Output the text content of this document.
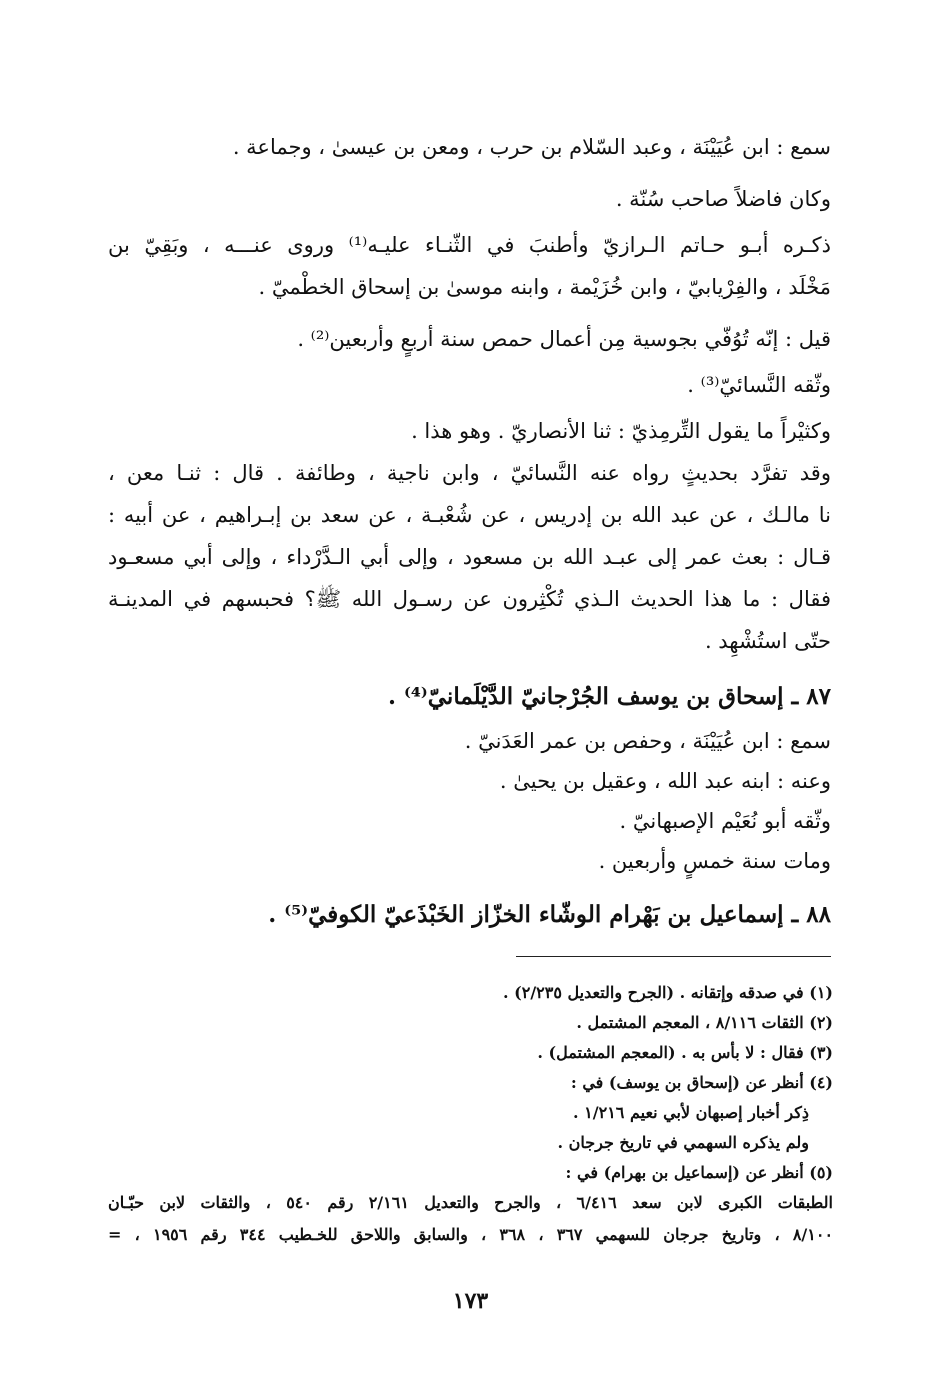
سمع : ابن عُيَيْنَة ، وعبد السّلام بن حرب ، ومعن بن عيسىٰ ، وجماعة .
وكان فاضلاً صاحب سُنّة .
ذكـره أبـو حـاتم الـرازيّ وأطنبَ في الثّنـاء عليـه⁽¹⁾ وروى عنـــه ، وبَقِيّ بن
مَخْلَد ، والفِرْيابيّ ، وابن خُزَيْمة ، وابنه موسىٰ بن إسحاق الخطْميّ .
قيل : إنّه تُوُفّي بجوسية مِن أعمال حمص سنة أربعٍ وأربعين⁽²⁾ .
وثّقه النَّسائيّ⁽³⁾ .
وكثيْراً ما يقول التِّرمِذيّ : ثنا الأنصاريّ . وهو هذا .
وقد تفرَّد بحديثٍ رواه عنه النَّسائيّ ، وابن ناجية ، وطائفة . قال : ثنـا معن ،
نا مالـك ، عن عبد الله بن إدريس ، عن شُعْبـة ، عن سعد بن إبـراهيم ، عن أبيه :
قـال : بعث عمر إلى عبـد الله بن مسعود ، وإلى أبي الـدَّرْداء ، وإلى أبي مسعـود
فقال : ما هذا الحديث الـذي تُكْثِرون عن رسـول الله ﷺ؟ فحبسهم في المدينـة
حتّى استُشْهِد .
٨٧ ـ إسحاق بن يوسف الجُرْجانيّ الدَّيْلَمانيّ⁽⁴⁾ .
سمع : ابن عُيَيْنَة ، وحفص بن عمر العَدَنيّ .
وعنه : ابنه عبد الله ، وعقيل بن يحيىٰ .
وثّقه أبو نُعَيْم الإصبهانيّ .
ومات سنة خمسٍ وأربعين .
٨٨ ـ إسماعيل بن بَهْرام الوشّاء الخزّاز الخَبْذَعيّ الكوفيّ⁽⁵⁾ .
(١) في صدقه وإتقانه . (الجرح والتعديل ٢/٢٣٥) .
(٢) الثقات ٨/١١٦ ، المعجم المشتمل .
(٣) فقال : لا بأس به . (المعجم المشتمل) .
(٤) أنظر عن (إسحاق بن يوسف) في :
ذِكر أخبار إصبهان لأبي نعيم ١/٢١٦ .
ولم يذكره السهمي في تاريخ جرجان .
(٥) أنظر عن (إسماعيل بن بهرام) في :
الطبقات الكبرى لابن سعد ٦/٤١٦ ، والجرح والتعديل ٢/١٦١ رقم ٥٤٠ ، والثقات لابن حبّـان
٨/١٠٠ ، وتاريخ جرجان للسهمي ٣٦٧ ، ٣٦٨ ، والسابق واللاحق للخـطيب ٣٤٤ رقم ١٩٥٦ ، =
١٧٣
